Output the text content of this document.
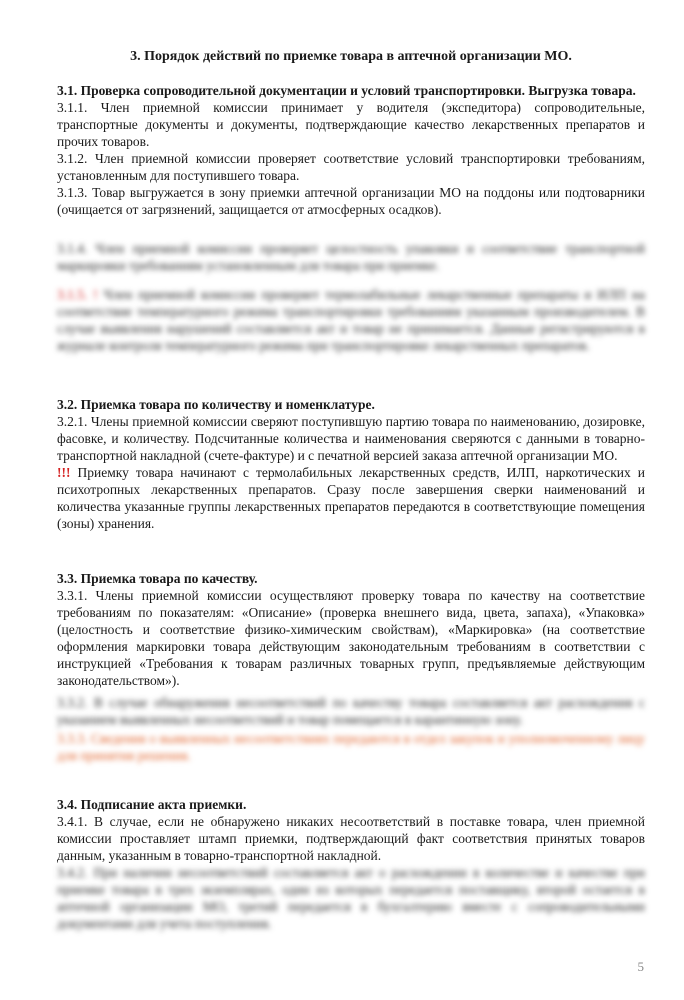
3. Порядок действий по приемке товара в аптечной организации МО.
3.1. Проверка сопроводительной документации и условий транспортировки. Выгрузка товара.
3.1.1. Член приемной комиссии принимает у водителя (экспедитора) сопроводительные, транспортные документы и документы, подтверждающие качество лекарственных препаратов и прочих товаров.
3.1.2. Член приемной комиссии проверяет соответствие условий транспортировки требованиям, установленным для поступившего товара.
3.1.3. Товар выгружается в зону приемки аптечной организации МО на поддоны или подтоварники (очищается от загрязнений, защищается от атмосферных осадков).
3.1.4. Член приемной комиссии проверяет целостность упаковки и соответствие транспортной маркировки требованиям установленным для товара при приемке.
3.1.5. ! Член приемной комиссии проверяет термолабильные лекарственные препараты и ИЛП на соответствие температурного режима транспортировки требованиям указанным производителем. В случае выявления нарушений составляется акт и товар не принимается. Данные регистрируются в журнале контроля температурного режима при транспортировке лекарственных препаратов.
3.2. Приемка товара по количеству и номенклатуре.
3.2.1. Члены приемной комиссии сверяют поступившую партию товара по наименованию, дозировке, фасовке, и количеству. Подсчитанные количества и наименования сверяются с данными в товарно-транспортной накладной (счете-фактуре) и с печатной версией заказа аптечной организации МО.
!!! Приемку товара начинают с термолабильных лекарственных средств, ИЛП, наркотических и психотропных лекарственных препаратов. Сразу после завершения сверки наименований и количества указанные группы лекарственных препаратов передаются в соответствующие помещения (зоны) хранения.
3.3. Приемка товара по качеству.
3.3.1. Члены приемной комиссии осуществляют проверку товара по качеству на соответствие требованиям по показателям: «Описание» (проверка внешнего вида, цвета, запаха), «Упаковка» (целостность и соответствие физико-химическим свойствам), «Маркировка» (на соответствие оформления маркировки товара действующим законодательным требованиям в соответствии с инструкцией «Требования к товарам различных товарных групп, предъявляемые действующим законодательством»).
3.3.2. В случае обнаружения несоответствий по качеству товара составляется акт расхождения с указанием выявленных несоответствий и товар помещается в карантинную зону.
3.3.3. Сведения о выявленных несоответствиях передаются в отдел закупок и уполномоченному лицу для принятия решения.
3.4. Подписание акта приемки.
3.4.1. В случае, если не обнаружено никаких несоответствий в поставке товара, член приемной комиссии проставляет штамп приемки, подтверждающий факт соответствия принятых товаров данным, указанным в товарно-транспортной накладной.
3.4.2. При наличии несоответствий составляется акт о расхождении в количестве и качестве при приемке товара в трех экземплярах, один из которых передается поставщику, второй остается в аптечной организации МО, третий передается в бухгалтерию вместе с сопроводительными документами для учета поступления.
5
